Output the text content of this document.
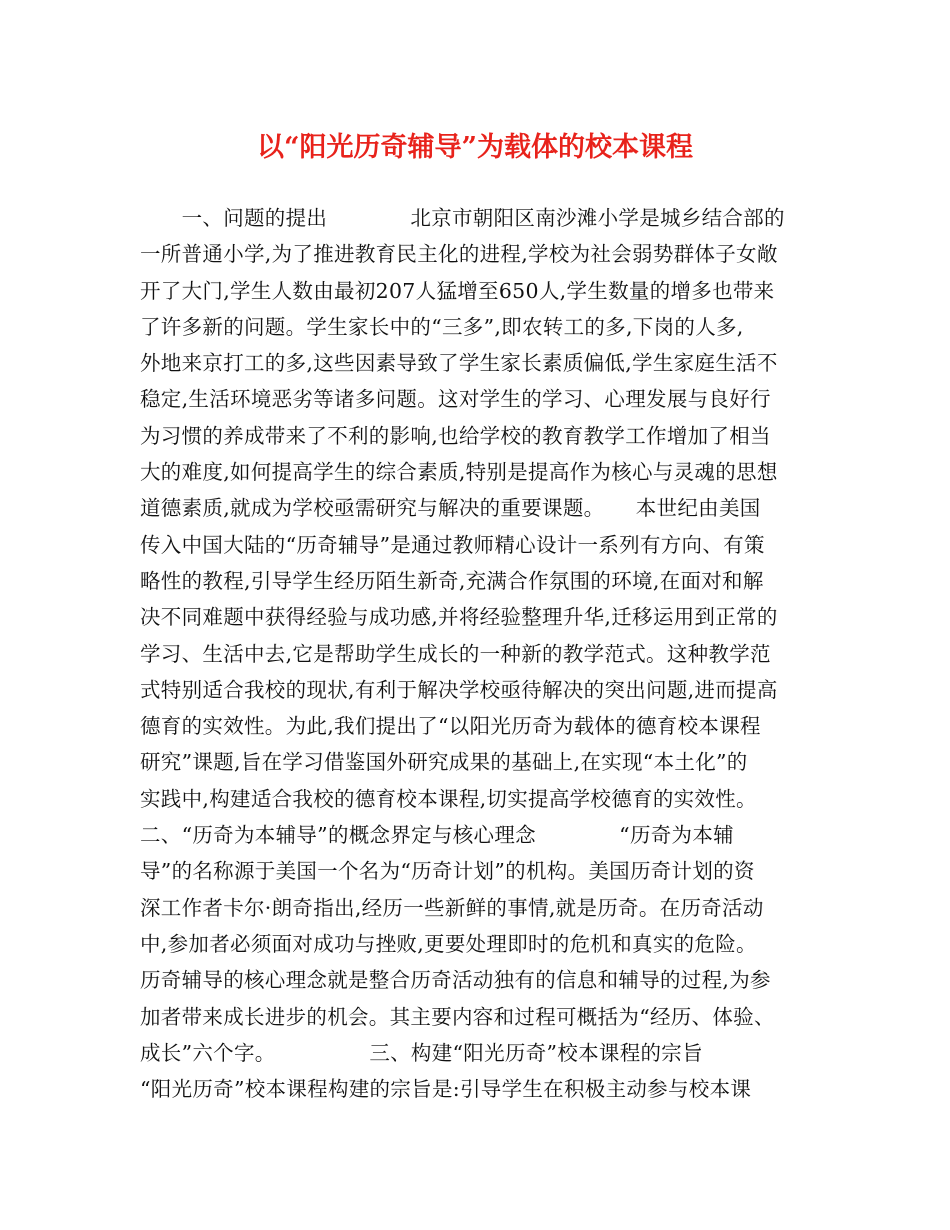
以“阳光历奇辅导”为载体的校本课程
　　一、问题的提出　　　　北京市朝阳区南沙滩小学是城乡结合部的
一所普通小学,为了推进教育民主化的进程,学校为社会弱势群体子女敞
开了大门,学生人数由最初207人猛增至650人,学生数量的增多也带来
了许多新的问题。学生家长中的“三多”,即农转工的多,下岗的人多,
外地来京打工的多,这些因素导致了学生家长素质偏低,学生家庭生活不
稳定,生活环境恶劣等诸多问题。这对学生的学习、心理发展与良好行
为习惯的养成带来了不利的影响,也给学校的教育教学工作增加了相当
大的难度,如何提高学生的综合素质,特别是提高作为核心与灵魂的思想
道德素质,就成为学校亟需研究与解决的重要课题。　　本世纪由美国
传入中国大陆的“历奇辅导”是通过教师精心设计一系列有方向、有策
略性的教程,引导学生经历陌生新奇,充满合作氛围的环境,在面对和解
决不同难题中获得经验与成功感,并将经验整理升华,迁移运用到正常的
学习、生活中去,它是帮助学生成长的一种新的教学范式。这种教学范
式特别适合我校的现状,有利于解决学校亟待解决的突出问题,进而提高
德育的实效性。为此,我们提出了“以阳光历奇为载体的德育校本课程
研究”课题,旨在学习借鉴国外研究成果的基础上,在实现“本土化”的
实践中,构建适合我校的德育校本课程,切实提高学校德育的实效性。
二、“历奇为本辅导”的概念界定与核心理念　　　　“历奇为本辅
导”的名称源于美国一个名为“历奇计划”的机构。美国历奇计划的资
深工作者卡尔·朗奇指出,经历一些新鲜的事情,就是历奇。在历奇活动
中,参加者必须面对成功与挫败,更要处理即时的危机和真实的危险。
历奇辅导的核心理念就是整合历奇活动独有的信息和辅导的过程,为参
加者带来成长进步的机会。其主要内容和过程可概括为“经历、体验、
成长”六个字。　　　　　三、构建“阳光历奇”校本课程的宗旨
“阳光历奇”校本课程构建的宗旨是:引导学生在积极主动参与校本课
